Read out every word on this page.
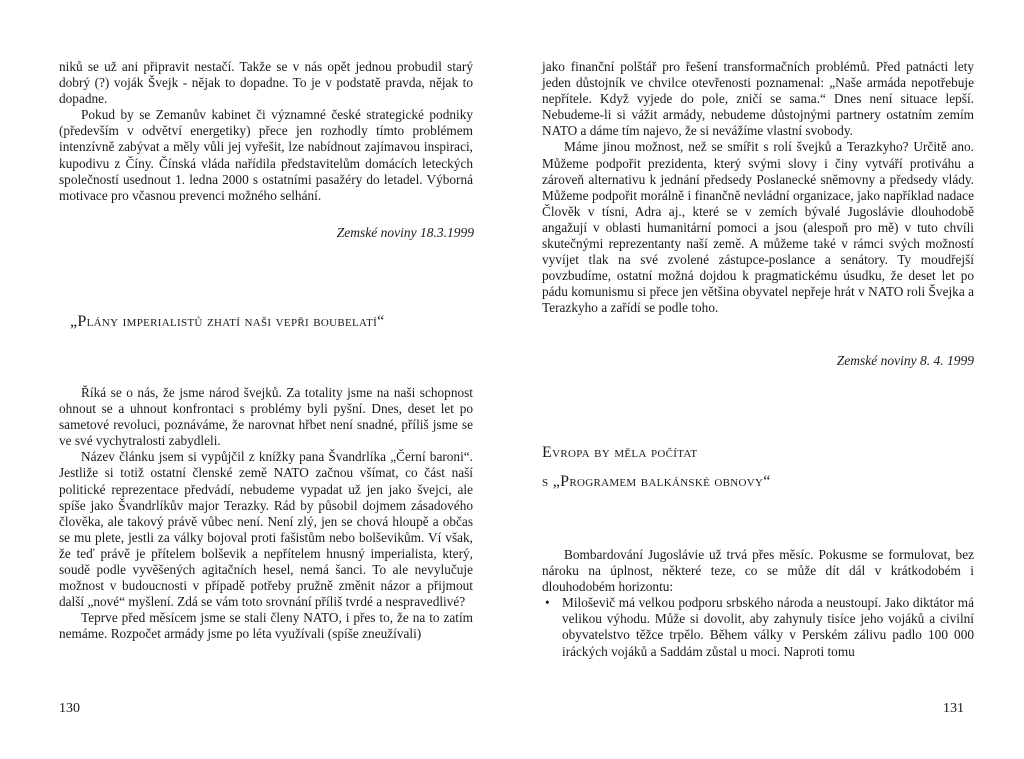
niků se už ani připravit nestačí. Takže se v nás opět jednou probudil starý dobrý (?) voják Švejk - nějak to dopadne. To je v podstatě pravda, nějak to dopadne.

Pokud by se Zemanův kabinet či významné české strategické podniky (především v odvětví energetiky) přece jen rozhodly tímto problémem intenzívně zabývat a měly vůli jej vyřešit, lze nabídnout zajímavou inspiraci, kupodivu z Číny. Čínská vláda nařídila představitelům domácích leteckých společností usednout 1. ledna 2000 s ostatními pasažéry do letadel. Výborná motivace pro včasnou prevenci možného selhání.

Zemské noviny 18.3.1999
„Plány imperialistů zhatí naši vepři boubelatí“

Říká se o nás, že jsme národ švejků. Za totality jsme na naši schopnost ohnout se a uhnout konfrontaci s problémy byli pyšní. Dnes, deset let po sametové revoluci, poznáváme, že narovnat hřbet není snadné, příliš jsme se ve své vychytralosti zabydleli.

Název článku jsem si vypůjčil z knížky pana Švandrlíka „Černí baroni“. Jestliže si totiž ostatní členské země NATO začnou všímat, co část naší politické reprezentace předvádí, nebudeme vypadat už jen jako švejci, ale spíše jako Švandrlíkův major Terazky. Rád by působil dojmem zásadového člověka, ale takový právě vůbec není. Není zlý, jen se chová hloupě a občas se mu plete, jestli za války bojoval proti fašistům nebo bolševikům. Ví však, že teď právě je přítelem bolševik a nepřítelem hnusný imperialista, který, soudě podle vyvěšených agitačních hesel, nemá šanci. To ale nevylučuje možnost v budoucnosti v případě potřeby pružně změnit názor a přijmout další „nové“ myšlení. Zdá se vám toto srovnání příliš tvrdé a nespravedlivé?

Teprve před měsícem jsme se stali členy NATO, i přes to, že na to zatím nemáme. Rozpočet armády jsme po léta využívali (spíše zneužívali)

130

jako finanční polštář pro řešení transformačních problémů. Před patnácti lety jeden důstojník ve chvilce otevřenosti poznamenal: „Naše armáda nepotřebuje nepřítele. Když vyjede do pole, zničí se sama.“ Dnes není situace lepší. Nebudeme-li si vážit armády, nebudeme důstojnými partnery ostatním zemím NATO a dáme tím najevo, že si nevážíme vlastní svobody.

Máme jinou možnost, než se smířit s rolí švejků a Terazkyho? Určitě ano. Můžeme podpořit prezidenta, který svými slovy i činy vytváří protiváhu a zároveň alternativu k jednání předsedy Poslanecké sněmovny a předsedy vlády. Můžeme podpořit morálně i finančně nevládní organizace, jako například nadace Člověk v tísni, Adra aj., které se v zemích bývalé Jugoslávie dlouhodobě angažují v oblasti humanitární pomoci a jsou (alespoň pro mě) v tuto chvíli skutečnými reprezentanty naší země. A můžeme také v rámci svých možností vyvíjet tlak na své zvolené zástupce-poslance a senátory. Ty moudřejší povzbudíme, ostatní možná dojdou k pragmatickému úsudku, že deset let po pádu komunismu si přece jen většina obyvatel nepřeje hrát v NATO roli Švejka a Terazkyho a zařídí se podle toho.

Zemské noviny 8. 4. 1999
Evropa by měla počítat
s „Programem balkánské obnovy“

Bombardování Jugoslávie už trvá přes měsíc. Pokusme se formulovat, bez nároku na úplnost, některé teze, co se může dít dál v krátkodobém i dlouhodobém horizontu:

• Miloševič má velkou podporu srbského národa a neustoupí. Jako diktátor má velikou výhodu. Může si dovolit, aby zahynuly tisíce jeho vojáků a civilní obyvatelstvo těžce trpělo. Během války v Perském zálivu padlo 100 000 iráckých vojáků a Saddám zůstal u moci. Naproti tomu
131
